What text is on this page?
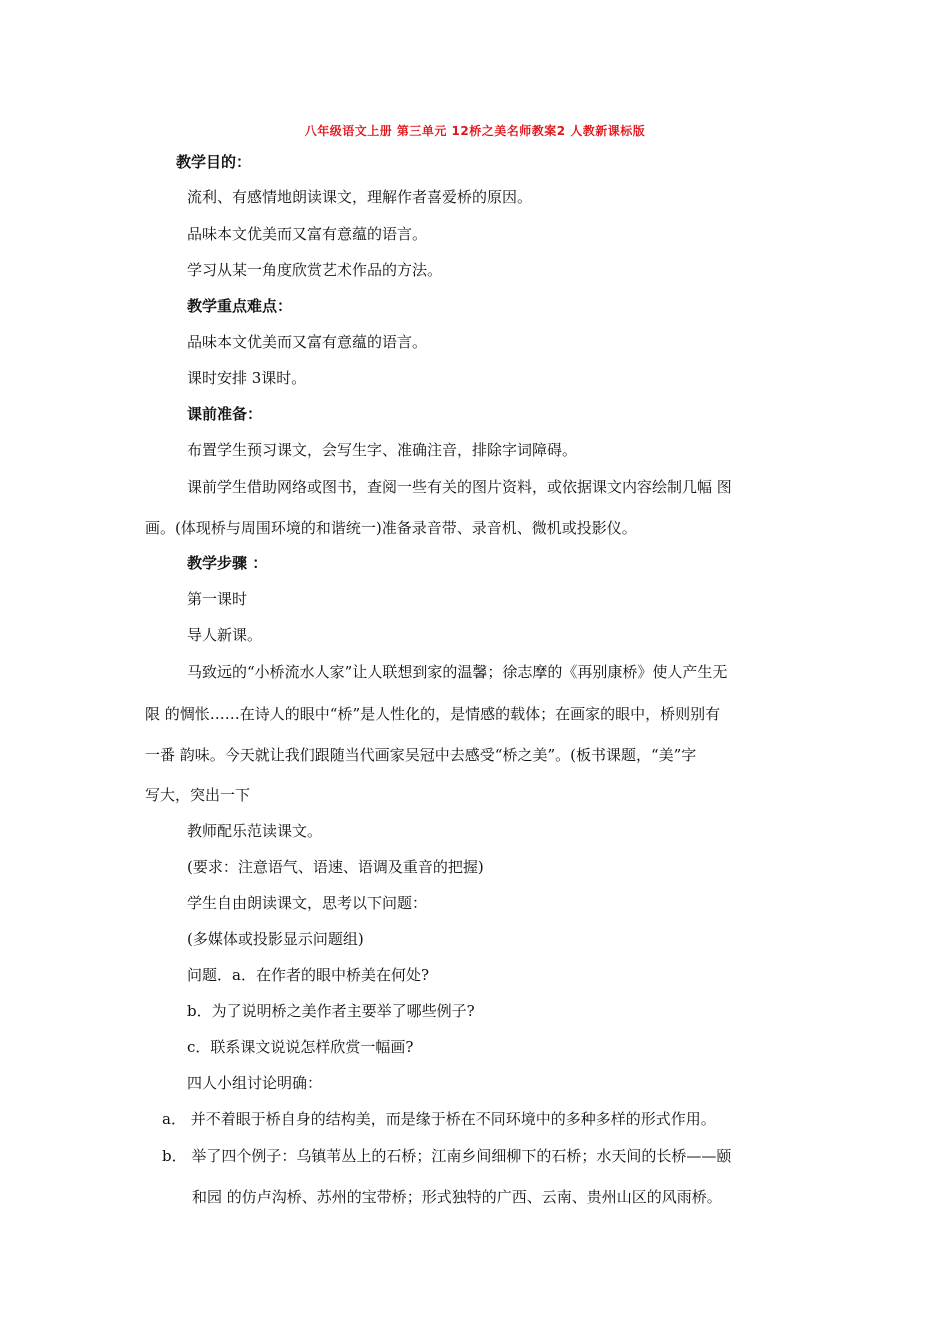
八年级语文上册 第三单元 12桥之美名师教案2 人教新课标版
教学目的：
流利、有感情地朗读课文，理解作者喜爱桥的原因。
品味本文优美而又富有意蕴的语言。
学习从某一角度欣赏艺术作品的方法。
教学重点难点：
品味本文优美而又富有意蕴的语言。
课时安排 3课时。
课前准备：
布置学生预习课文，会写生字、准确注音，排除字词障碍。
课前学生借助网络或图书，查阅一些有关的图片资料，或依据课文内容绘制几幅 图
画。(体现桥与周围环境的和谐统一)准备录音带、录音机、微机或投影仪。
教学步骤 ：
第一课时
导人新课。
马致远的“小桥流水人家”让人联想到家的温馨；徐志摩的《再别康桥》使人产生无
限 的惆怅……在诗人的眼中“桥”是人性化的，是情感的载体；在画家的眼中，桥则别有
一番 韵味。今天就让我们跟随当代画家吴冠中去感受“桥之美”。(板书课题，“美”字
写大，突出一下
教师配乐范读课文。
(要求：注意语气、语速、语调及重音的把握)
学生自由朗读课文，思考以下问题：
(多媒体或投影显示问题组)
问题．a．在作者的眼中桥美在何处?
b．为了说明桥之美作者主要举了哪些例子?
c．联系课文说说怎样欣赏一幅画?
四人小组讨论明确：
a． 并不着眼于桥自身的结构美，而是缘于桥在不同环境中的多种多样的形式作用。
b． 举了四个例子：乌镇苇丛上的石桥；江南乡间细柳下的石桥；水天间的长桥——颐
和园 的仿卢沟桥、苏州的宝带桥；形式独特的广西、云南、贵州山区的风雨桥。
